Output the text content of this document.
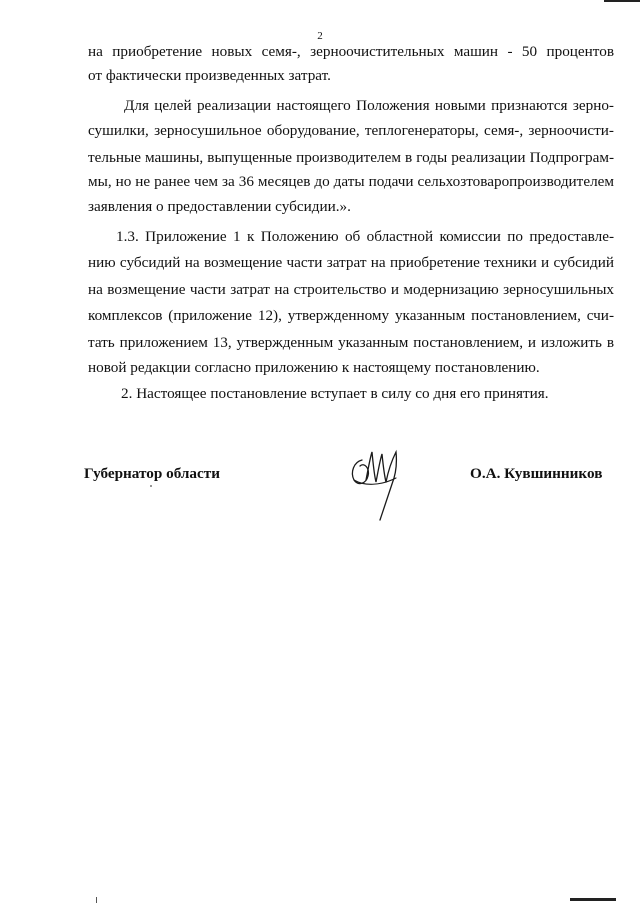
2
на приобретение новых семя-, зерноочистительных машин - 50 процентов
от фактически произведенных затрат.
Для целей реализации настоящего Положения новыми признаются зерно-
сушилки, зерносушильное оборудование, теплогенераторы, семя-, зерноочисти-
тельные машины, выпущенные производителем в годы реализации Подпрограм-
мы, но не ранее чем за 36 месяцев до даты подачи сельхозтоваропроизводителем
заявления о предоставлении субсидии.».
1.3. Приложение 1 к Положению об областной комиссии по предоставле-
нию субсидий на возмещение части затрат на приобретение техники и субсидий
на возмещение части затрат на строительство и модернизацию зерносушильных
комплексов (приложение 12), утвержденному указанным постановлением, счи-
тать приложением 13, утвержденным указанным постановлением, и изложить в
новой редакции согласно приложению к настоящему постановлению.
2. Настоящее постановление вступает в силу со дня его принятия.
Губернатор области	О.А. Кувшинников
